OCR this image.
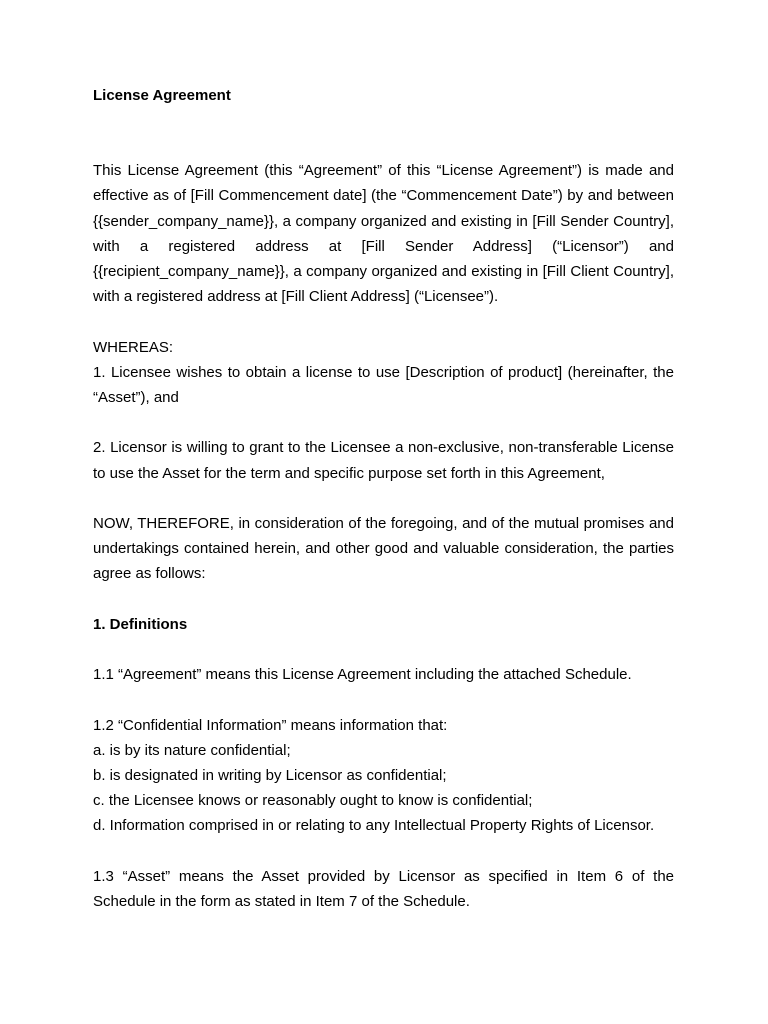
License Agreement

This License Agreement (this “Agreement” of this “License Agreement”) is made and effective as of [Fill Commencement date] (the “Commencement Date”) by and between {{sender_company_name}}, a company organized and existing in [Fill Sender Country], with a registered address at [Fill Sender Address] (“Licensor”) and {{recipient_company_name}}, a company organized and existing in [Fill Client Country], with a registered address at [Fill Client Address] (“Licensee”).

WHEREAS:

1. Licensee wishes to obtain a license to use [Description of product] (hereinafter, the “Asset”), and

2. Licensor is willing to grant to the Licensee a non-exclusive, non-transferable License to use the Asset for the term and specific purpose set forth in this Agreement,

NOW, THEREFORE, in consideration of the foregoing, and of the mutual promises and undertakings contained herein, and other good and valuable consideration, the parties agree as follows:

1. Definitions

1.1 “Agreement” means this License Agreement including the attached Schedule.

1.2 “Confidential Information” means information that:

a. is by its nature confidential;

b. is designated in writing by Licensor as confidential;

c. the Licensee knows or reasonably ought to know is confidential;

d. Information comprised in or relating to any Intellectual Property Rights of Licensor.

1.3 “Asset” means the Asset provided by Licensor as specified in Item 6 of the Schedule in the form as stated in Item 7 of the Schedule.
